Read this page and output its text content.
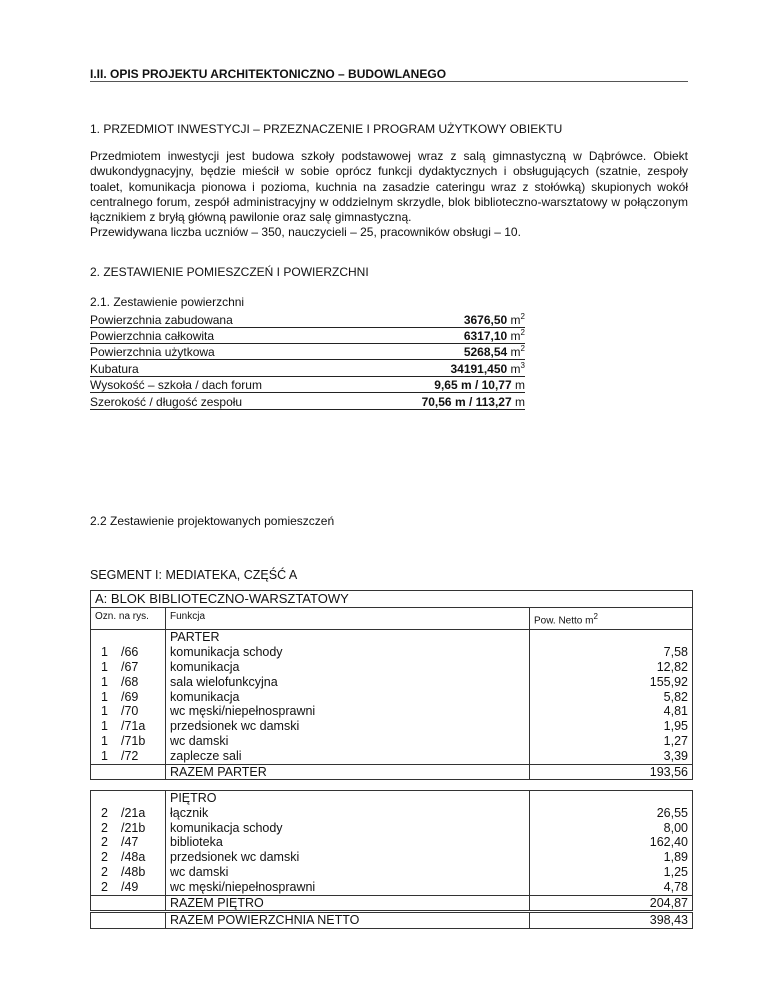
I.II. OPIS PROJEKTU ARCHITEKTONICZNO – BUDOWLANEGO
1. PRZEDMIOT INWESTYCJI – PRZEZNACZENIE I PROGRAM UŻYTKOWY OBIEKTU

Przedmiotem inwestycji jest budowa szkoły podstawowej wraz z salą gimnastyczną w Dąbrówce. Obiekt dwukondygnacyjny, będzie mieścił w sobie oprócz funkcji dydaktycznych i obsługujących (szatnie, zespoły toalet, komunikacja pionowa i pozioma, kuchnia na zasadzie cateringu wraz z stołówką) skupionych wokół centralnego forum, zespół administracyjny w oddzielnym skrzydle, blok biblioteczno-warsztatowy w połączonym łącznikiem z bryłą główną pawilonie oraz salę gimnastyczną.

Przewidywana liczba uczniów – 350, nauczycieli – 25, pracowników obsługi – 10.

2. ZESTAWIENIE POMIESZCZEŃ I POWIERZCHNI
2.1. Zestawienie powierzchni
Powierzchnia zabudowana	3676,50 $m^2$
Powierzchnia całkowita	6317,10 $m^2$
Powierzchnia użytkowa	5268,54 $m^2$
Kubatura	34191,450 $m^3$
Wysokość – szkoła / dach forum	9,65 m / 10,77 m
Szerokość / długość zespołu	70,56 m / 113,27 m
2.2 Zestawienie projektowanych pomieszczeń
SEGMENT I: MEDIATEKA, CZĘŚĆ A
A: BLOK BIBLIOTECZNO-WARSZTATOWY		
Ozn. na rys.	Funkcja	Pow. Netto $m^2$
	PARTER	
1 /66	komunikacja schody	7,58
1 /67	komunikacja	12,82
1 /68	sala wielofunkcyjna	155,92
1 /69	komunikacja	5,82
1 /70	wc męski/niepełnosprawni	4,81
1 /71a	przedsionek wc damski	1,95
1 /71b	wc damski	1,27
1 /72	zaplecze sali	3,39
	RAZEM PARTER	193,56
	PIĘTRO	
2 /21a	łącznik	26,55
2 /21b	komunikacja schody	8,00
2 /47	biblioteka	162,40
2 /48a	przedsionek wc damski	1,89
2 /48b	wc damski	1,25
2 /49	wc męski/niepełnosprawni	4,78
	RAZEM PIĘTRO	204,87
	RAZEM POWIERZCHNIA NETTO	398,43
